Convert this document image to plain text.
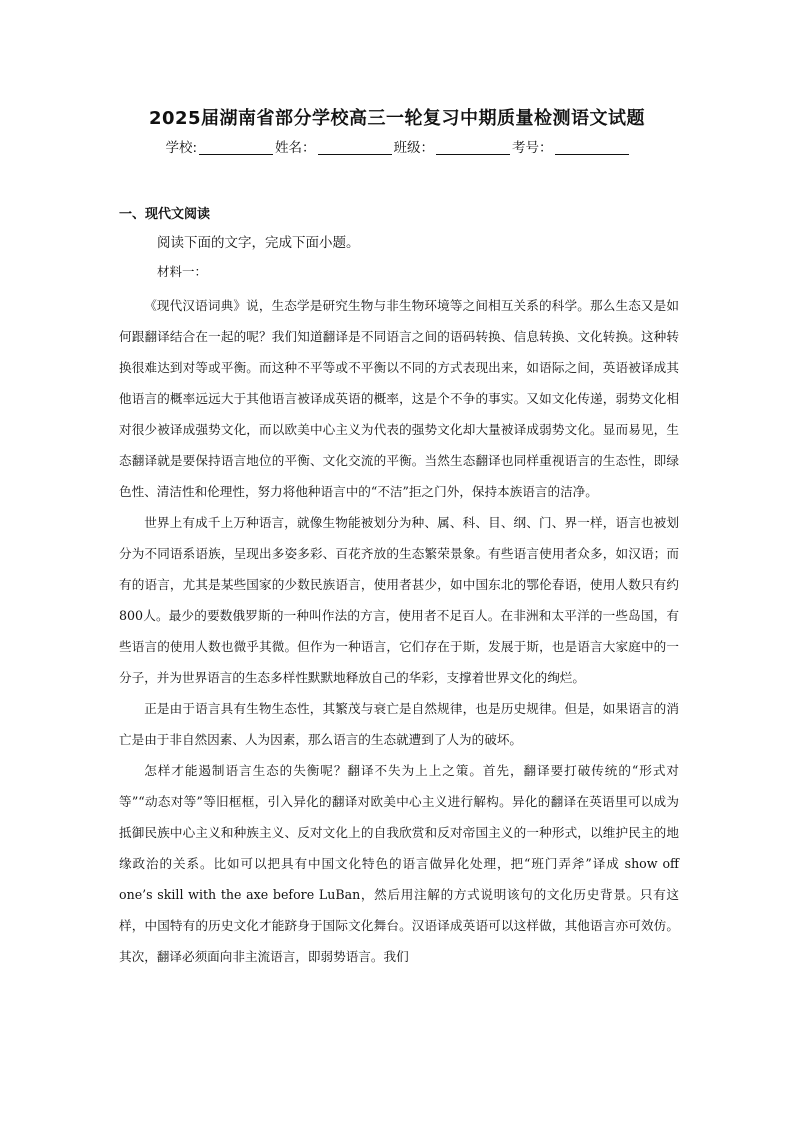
2025届湖南省部分学校高三一轮复习中期质量检测语文试题
学校:	姓名：	班级：	考号：
一、现代文阅读
阅读下面的文字，完成下面小题。
材料一：

《现代汉语词典》说，生态学是研究生物与非生物环境等之间相互关系的科学。那么生态又是如何跟翻译结合在一起的呢？我们知道翻译是不同语言之间的语码转换、信息转换、文化转换。这种转换很难达到对等或平衡。而这种不平等或不平衡以不同的方式表现出来，如语际之间，英语被译成其他语言的概率远远大于其他语言被译成英语的概率，这是个不争的事实。又如文化传递，弱势文化相对很少被译成强势文化，而以欧美中心主义为代表的强势文化却大量被译成弱势文化。显而易见，生态翻译就是要保持语言地位的平衡、文化交流的平衡。当然生态翻译也同样重视语言的生态性，即绿色性、清洁性和伦理性，努力将他种语言中的“不洁”拒之门外，保持本族语言的洁净。

世界上有成千上万种语言，就像生物能被划分为种、属、科、目、纲、门、界一样，语言也被划分为不同语系语族，呈现出多姿多彩、百花齐放的生态繁荣景象。有些语言使用者众多，如汉语；而有的语言，尤其是某些国家的少数民族语言，使用者甚少，如中国东北的鄂伦春语，使用人数只有约800人。最少的要数俄罗斯的一种叫作法的方言，使用者不足百人。在非洲和太平洋的一些岛国，有些语言的使用人数也微乎其微。但作为一种语言，它们存在于斯，发展于斯，也是语言大家庭中的一分子，并为世界语言的生态多样性默默地释放自己的华彩，支撑着世界文化的绚烂。

正是由于语言具有生物生态性，其繁茂与衰亡是自然规律，也是历史规律。但是，如果语言的消亡是由于非自然因素、人为因素，那么语言的生态就遭到了人为的破坏。

怎样才能遏制语言生态的失衡呢？翻译不失为上上之策。首先，翻译要打破传统的“形式对等”“动态对等”等旧框框，引入异化的翻译对欧美中心主义进行解构。异化的翻译在英语里可以成为抵御民族中心主义和种族主义、反对文化上的自我欣赏和反对帝国主义的一种形式，以维护民主的地缘政治的关系。比如可以把具有中国文化特色的语言做异化处理，把“班门弄斧”译成 show off one’s skill with the axe before LuBan，然后用注解的方式说明该句的文化历史背景。只有这样，中国特有的历史文化才能跻身于国际文化舞台。汉语译成英语可以这样做，其他语言亦可效仿。其次，翻译必须面向非主流语言，即弱势语言。我们
